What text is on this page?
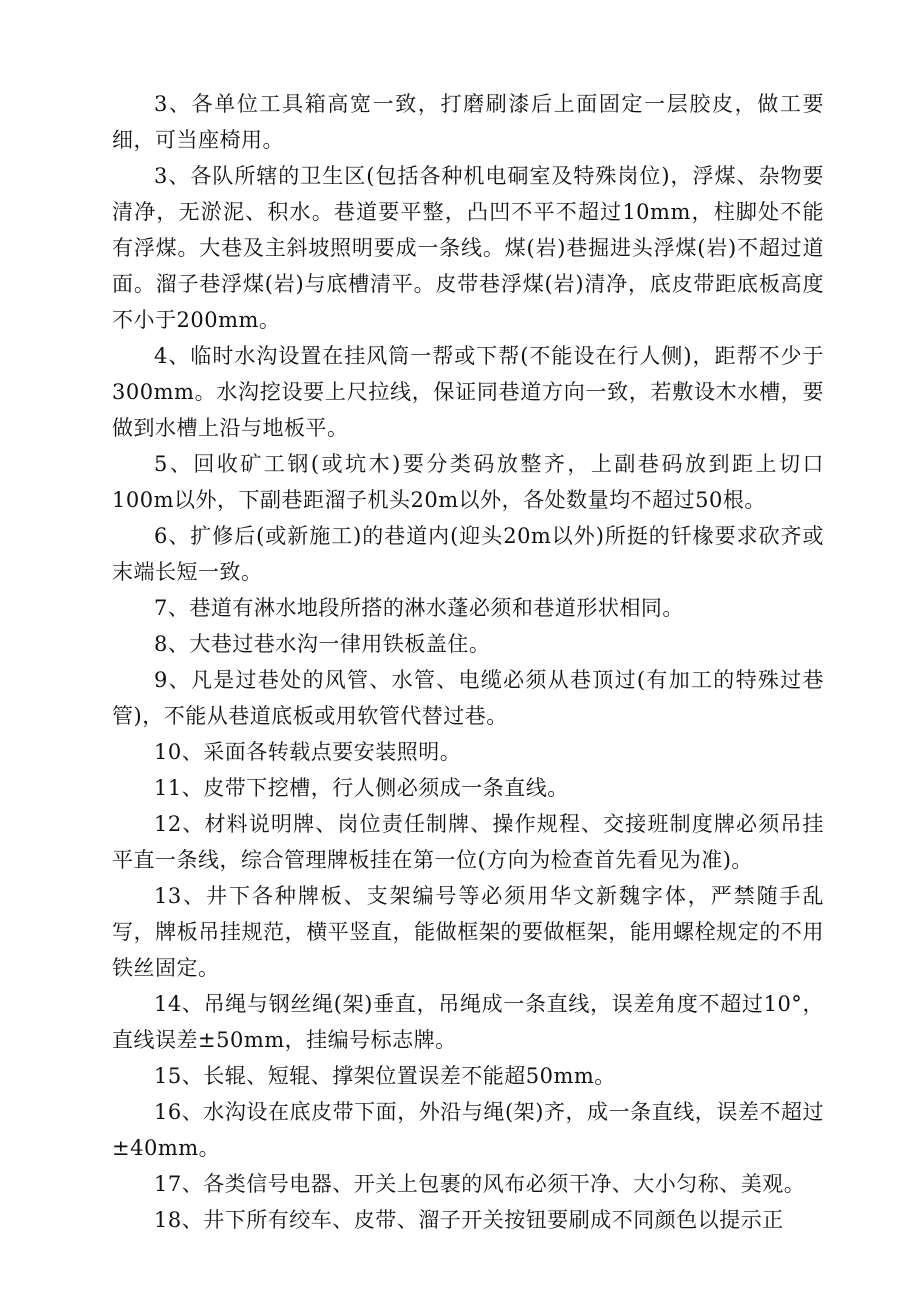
3、各单位工具箱高宽一致，打磨刷漆后上面固定一层胶皮，做工要细，可当座椅用。

3、各队所辖的卫生区(包括各种机电硐室及特殊岗位)，浮煤、杂物要清净，无淤泥、积水。巷道要平整，凸凹不平不超过10mm，柱脚处不能有浮煤。大巷及主斜坡照明要成一条线。煤(岩)巷掘进头浮煤(岩)不超过道面。溜子巷浮煤(岩)与底槽清平。皮带巷浮煤(岩)清净，底皮带距底板高度不小于200mm。

4、临时水沟设置在挂风筒一帮或下帮(不能设在行人侧)，距帮不少于300mm。水沟挖设要上尺拉线，保证同巷道方向一致，若敷设木水槽，要做到水槽上沿与地板平。

5、回收矿工钢(或坑木)要分类码放整齐，上副巷码放到距上切口100m以外，下副巷距溜子机头20m以外，各处数量均不超过50根。

6、扩修后(或新施工)的巷道内(迎头20m以外)所挺的钎椽要求砍齐或末端长短一致。

7、巷道有淋水地段所搭的淋水蓬必须和巷道形状相同。

8、大巷过巷水沟一律用铁板盖住。

9、凡是过巷处的风管、水管、电缆必须从巷顶过(有加工的特殊过巷管)，不能从巷道底板或用软管代替过巷。

10、采面各转载点要安装照明。

11、皮带下挖槽，行人侧必须成一条直线。

12、材料说明牌、岗位责任制牌、操作规程、交接班制度牌必须吊挂平直一条线，综合管理牌板挂在第一位(方向为检查首先看见为准)。

13、井下各种牌板、支架编号等必须用华文新魏字体，严禁随手乱写，牌板吊挂规范，横平竖直，能做框架的要做框架，能用螺栓规定的不用铁丝固定。

14、吊绳与钢丝绳(架)垂直，吊绳成一条直线，误差角度不超过10°，直线误差±50mm，挂编号标志牌。

15、长辊、短辊、撑架位置误差不能超50mm。

16、水沟设在底皮带下面，外沿与绳(架)齐，成一条直线，误差不超过±40mm。

17、各类信号电器、开关上包裹的风布必须干净、大小匀称、美观。

18、井下所有绞车、皮带、溜子开关按钮要刷成不同颜色以提示正
